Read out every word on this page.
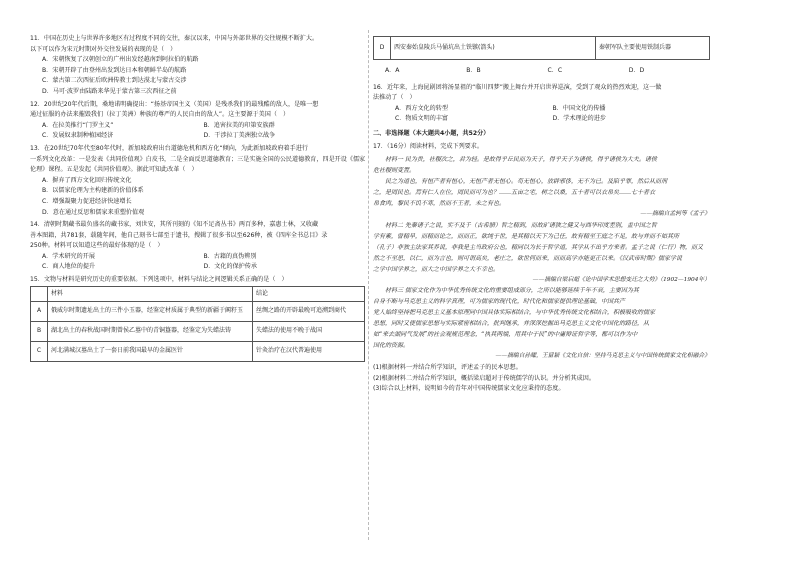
11．中国在历史上与世界许多地区有过程度不同的交往，秦汉以来，中国与外部世界的交往规模不断扩大。

以下可以作为宋元时期对外交往发展的表现的是（　）

A．宋朝恢复了汉朝创立的广州出发经越南到阿拉伯的航路

B．宋朝开辟了由登州出发到达日本和朝鲜半岛的航路

C．蒙古第二次西征后欧洲传教士到达漠北与蒙古交涉

D．马可·波罗由陆路来华见于蒙古第三次西征之前

12．20世纪20年代后期，桑地诺明确提出：“扬基帝国主义（美国）是残杀我们的最残酷的敌人，是唯一想

通过征服的办法来摧毁我们（拉丁美洲）种族的尊严的人民自由的敌人”。这主要源于美国（　）

A．在拉美推行“门罗主义”	B．追害拉美的印第安族群
C．发展奴隶制种植园经济	D．干涉拉丁美洲独立战争

13．在20世纪70年代至80年代时，新加坡政府出台道德危机和西方化“倾向，为此新加坡政府着手进行

一系列文化改革：一是发表《共同价值观》白皮书，二是全面反思道德教育；三是实施全国的公民道德教育，四是开设《儒家

伦理》课程。五是发起《共同价值观》。据此可知此改革（　）

A．摒弃了西方文化回归传统文化

B．以儒家伦理为主构建新的价值体系

C．增强凝聚力促进经济快速增长

D．意在通过反思和儒家来重塑价值观

14．清朝时期藏书最负盛名的藏书家，刘世安，其所刊刻的《知不足斋丛书》两百多种，嘉惠士林，又收藏

善本图籍，共781套，载随年间，他自己刻书七部至于遗书，搜辑了很多书以至626种，被《四库全书总目》录

250种。材料可以知道这些的最好体现的是（　）

A．学术研究的开展	B．古籍的真伪辨别
C．商人地位的提升	D．文化的保护传承

15．文物与材料是研究历史的重要依据。下列选项中，材料与结论之间逻辑关系正确的是（　）

	材料	结论
A	俄威尔时期遗址出土的三件小玉器，经鉴定材质属于典型的新疆于阗籽玉	丝绸之路的开辟最晚可追溯到商代
B	湖北出土的春秋战国时期曾侯乙墓中的青铜簋器，经鉴定为失蜡法铸	失蜡法的使用不晚于战国
C	河北满城汉墓出土了一套日前我国最早的金属医针	针灸治疗在汉代普遍使用
D	西安秦始皇陵兵马俑坑出土铁镞(箭头)	秦朝军队主要使用铁制兵器
A．A	B．B	C．C	D．D

16．近年来，上海昆剧团将汤显祖的“临川四梦”搬上舞台并开启世界巡演，受到了观众的热烈欢迎，这一做

法推动了（　）

A．西方文化的转型	B．中国文化的传播
C．物质文明的丰富	D．学术理论的进步

二、非选择题（本大题共4小题，共52分）

17．（16分）阅读材料，完成下列要求。

材料一 民为贵，社稷次之，君为轻。是故得乎丘民而为天子，得乎天子为诸侯，得乎诸侯为大夫。诸侯

危社稷则变置。

民之为道也，有恒产者有恒心，无恒产者无恒心。苟无恒心，放辟邪侈，无不为已。及陷乎罪，然后从而刑

之，是罔民也。焉有仁人在位，罔民而可为也？……五亩之宅，树之以桑，五十者可以衣帛矣……七十者衣

帛食肉，黎民不饥不寒，然而不王者，未之有也。

——摘编自孟轲等《孟子》

材料二 先秦诸子之说，实不及千（古希腊）哲之精到，而故矿诸狭之健又与西华印度差别，盖中国之哲

学有素，曾精早，而精而论之，而而正，欲纯于世，是其精以天下为己任，故有精至王庭之不足，故与并而不如其所

（孔子）非独主法家其养说，非我是主当政府公也，精同以为长于哲学道，其学从不出乎方来者。孟子之说（仁行）物，而又

然之不至思，以仁，而为言也，则可谓高矣，老庄之，欲世何而来，而而高学亦能更正以来。《汉武帝时期》儒家学说

之学中国学界之，而大之中国学界之大不幸也。

——摘编自梁启超《论中国学术思想变迁之大势》（1902—1904年）

材料三 儒家文化作为中华优秀传统文化的重要组成部分，之所以能够延续千年不衰，主要因为其

自身不断与马克思主义的科学真理，可为儒家的现代化，时代化和儒家提供理论基础，中国共产

党人始终坚持把马克思主义基本原理同中国具体实际相结合，与中华优秀传统文化相结合，积极吸收的儒家

思想，同时又使儒家思想与实际紧密相结合，批判继承，并深深挖掘出马克思主义文化中国化的路径，从

如“来去湖同气发展”的社会观规范理念，“执其两端，用其中于民”的中庸辩证哲学等，都可以作为中

国化的资源。

——摘编自孙耀，王留颖《文化自信：坚持马克思主义与中国传统儒家文化相融合》

(1)根据材料一并结合所学知识，评述孟子的民本思想。

(2)根据材料二并结合所学知识，概括梁启超对于传统儒学的认识。并分析其成因。

(3)综合以上材料，说明如今的青年对中国传统儒家文化应秉持的态度。
